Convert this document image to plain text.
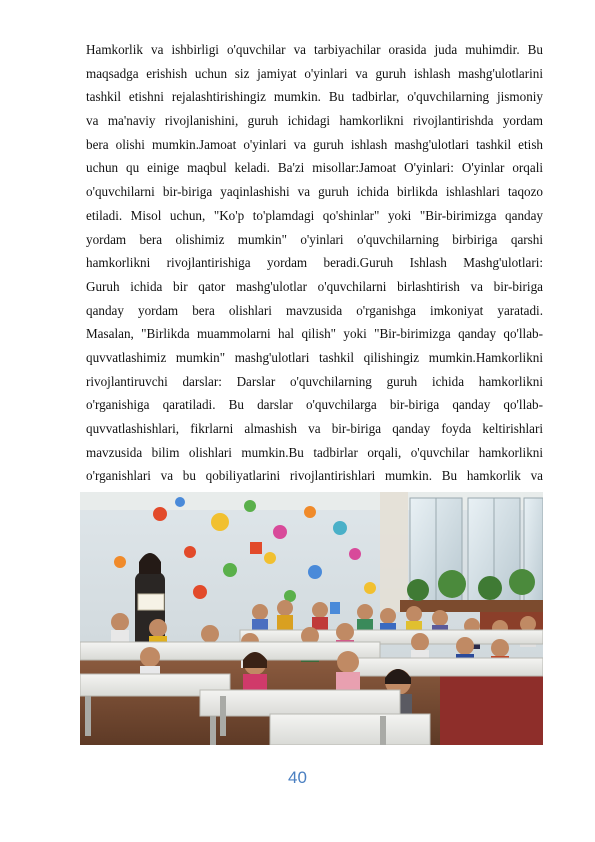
Hamkorlik va ishbirligi o'quvchilar va tarbiyachilar orasida juda muhimdir. Bu
maqsadga erishish uchun siz jamiyat o'yinlari va guruh ishlash mashg'ulotlarini
tashkil etishni rejalashtirishingiz mumkin. Bu tadbirlar, o'quvchilarning jismoniy
va ma'naviy rivojlanishini, guruh ichidagi hamkorlikni rivojlantirishda yordam
bera olishi mumkin.Jamoat o'yinlari va guruh ishlash mashg'ulotlari tashkil etish
uchun qu einige maqbul keladi. Ba'zi misollar:Jamoat O'yinlari: O'yinlar orqali
o'quvchilarni bir-biriga yaqinlashishi va guruh ichida birlikda ishlashlari taqozo
etiladi. Misol uchun, "Ko'p to'plamdagi qo'shinlar" yoki "Bir-birimizga qanday
yordam bera olishimiz mumkin" o'yinlari o'quvchilarning birbiriga qarshi
hamkorlikni rivojlantirishiga yordam beradi.Guruh Ishlash Mashg'ulotlari:
Guruh ichida bir qator mashg'ulotlar o'quvchilarni birlashtirish va bir-biriga
qanday yordam bera olishlari mavzusida o'rganishga imkoniyat yaratadi.
Masalan, "Birlikda muammolarni hal qilish" yoki "Bir-birimizga qanday qo'llab-
quvvatlashimiz mumkin" mashg'ulotlari tashkil qilishingiz mumkin.Hamkorlikni
rivojlantiruvchi darslar: Darslar o'quvchilarning guruh ichida hamkorlikni
o'rganishiga qaratiladi. Bu darslar o'quvchilarga bir-biriga qanday qo'llab-
quvvatlashishlari, fikrlarni almashish va bir-biriga qanday foyda keltirishlari
mavzusida bilim olishlari mumkin.Bu tadbirlar orqali, o'quvchilar hamkorlikni
o'rganishlari va bu qobiliyatlarini rivojlantirishlari mumkin. Bu hamkorlik va
40
